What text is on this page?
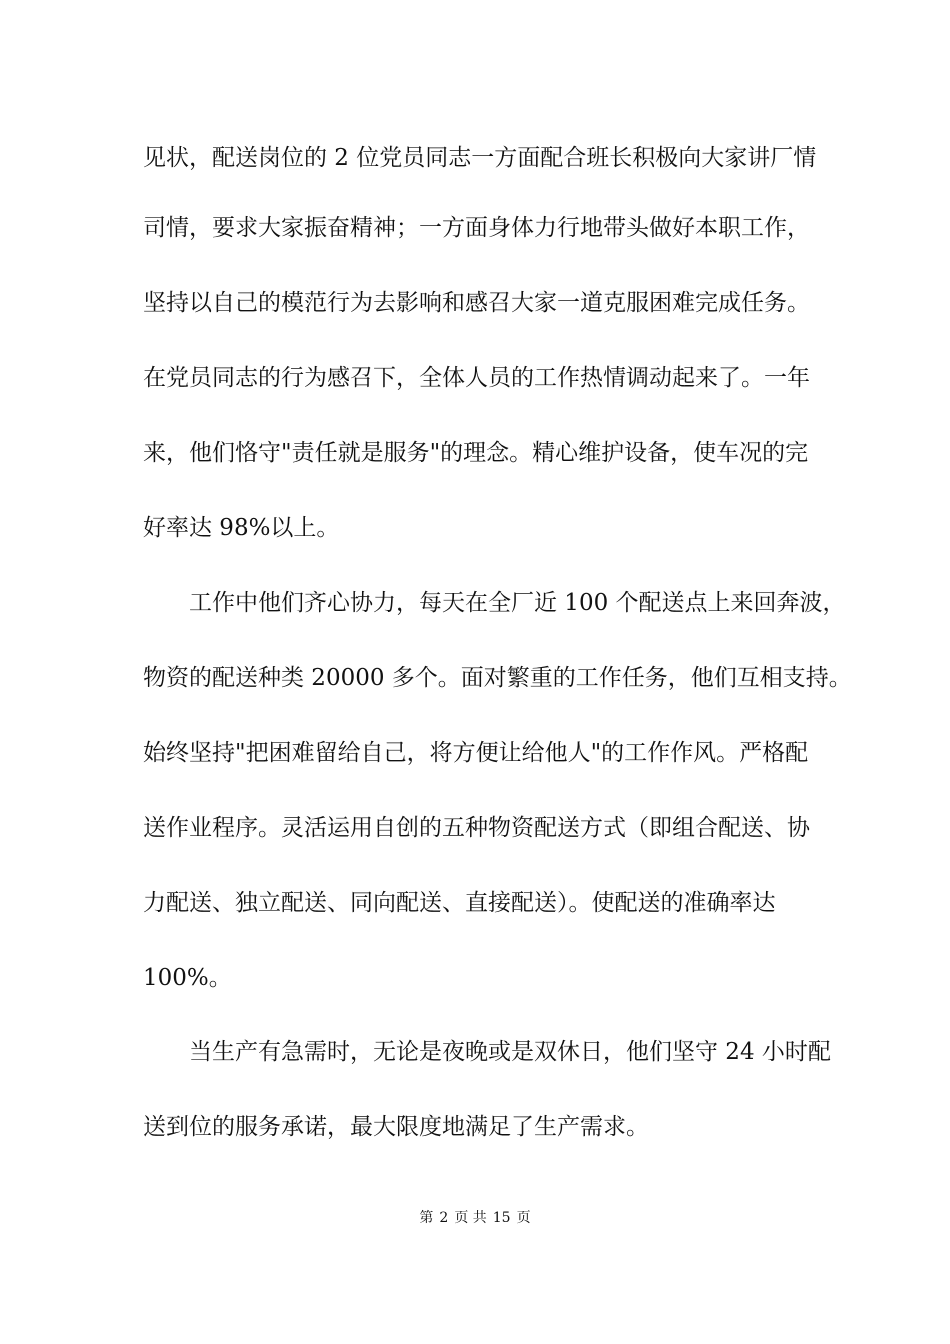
见状，配送岗位的 2 位党员同志一方面配合班长积极向大家讲厂情
司情，要求大家振奋精神；一方面身体力行地带头做好本职工作，
坚持以自己的模范行为去影响和感召大家一道克服困难完成任务。
在党员同志的行为感召下，全体人员的工作热情调动起来了。一年
来，他们恪守"责任就是服务"的理念。精心维护设备，使车况的完
好率达 98%以上。
工作中他们齐心协力，每天在全厂近 100 个配送点上来回奔波，
物资的配送种类 20000 多个。面对繁重的工作任务，他们互相支持。
始终坚持"把困难留给自己，将方便让给他人"的工作作风。严格配
送作业程序。灵活运用自创的五种物资配送方式（即组合配送、协
力配送、独立配送、同向配送、直接配送）。使配送的准确率达
100%。
当生产有急需时，无论是夜晚或是双休日，他们坚守 24 小时配
送到位的服务承诺，最大限度地满足了生产需求。
第 2 页 共 15 页
